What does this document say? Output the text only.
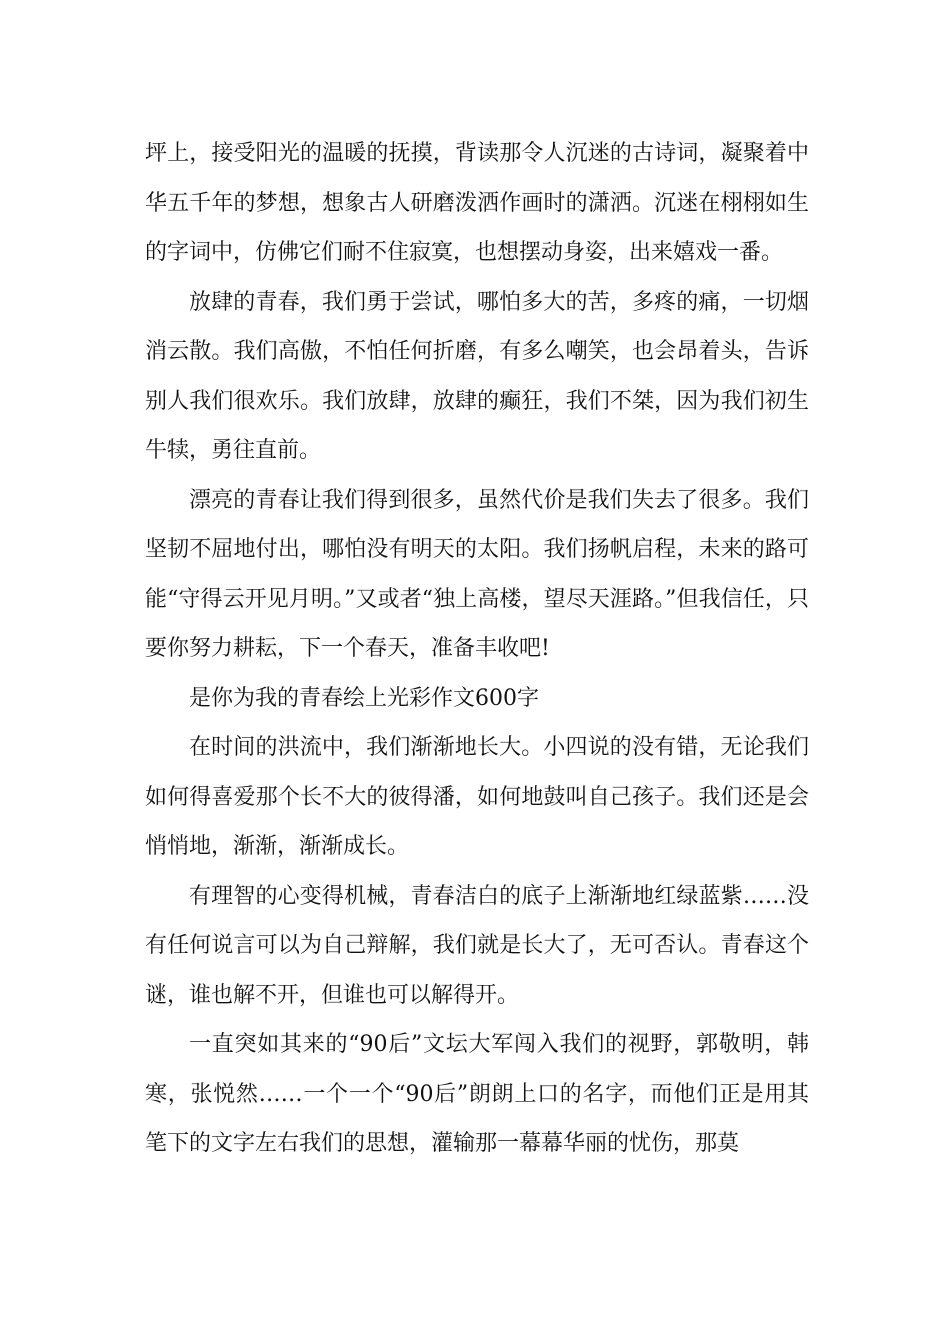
坪上，接受阳光的温暖的抚摸，背读那令人沉迷的古诗词，凝聚着中华五千年的梦想，想象古人研磨泼洒作画时的潇洒。沉迷在栩栩如生的字词中，仿佛它们耐不住寂寞，也想摆动身姿，出来嬉戏一番。

放肆的青春，我们勇于尝试，哪怕多大的苦，多疼的痛，一切烟消云散。我们高傲，不怕任何折磨，有多么嘲笑，也会昂着头，告诉别人我们很欢乐。我们放肆，放肆的癫狂，我们不桀，因为我们初生牛犊，勇往直前。

漂亮的青春让我们得到很多，虽然代价是我们失去了很多。我们坚韧不屈地付出，哪怕没有明天的太阳。我们扬帆启程，未来的路可能“守得云开见月明。”又或者“独上高楼，望尽天涯路。”但我信任，只要你努力耕耘，下一个春天，准备丰收吧!

是你为我的青春绘上光彩作文600字

在时间的洪流中，我们渐渐地长大。小四说的没有错，无论我们如何得喜爱那个长不大的彼得潘，如何地鼓叫自己孩子。我们还是会悄悄地，渐渐，渐渐成长。

有理智的心变得机械，青春洁白的底子上渐渐地红绿蓝紫……没有任何说言可以为自己辩解，我们就是长大了，无可否认。青春这个谜，谁也解不开，但谁也可以解得开。

一直突如其来的“90后”文坛大军闯入我们的视野，郭敬明，韩寒，张悦然……一个一个“90后”朗朗上口的名字，而他们正是用其笔下的文字左右我们的思想，灌输那一幕幕华丽的忧伤，那莫
